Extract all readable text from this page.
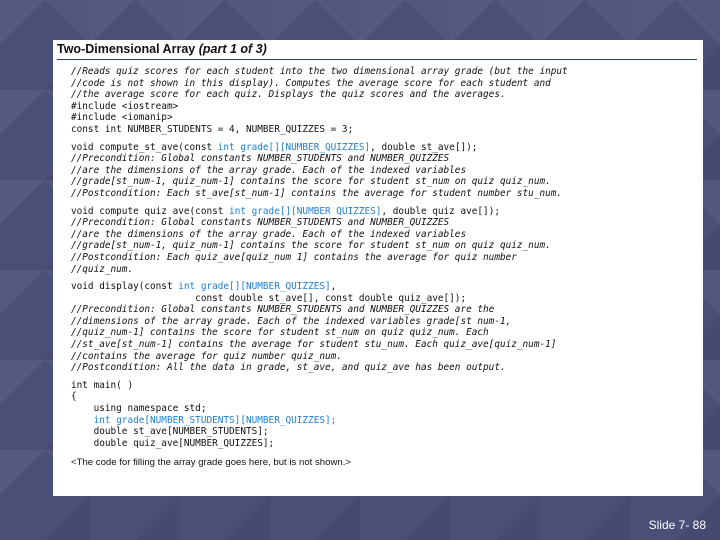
Two-Dimensional Array (part 1 of 3)
//Reads quiz scores for each student into the two dimensional array grade (but the input
//code is not shown in this display). Computes the average score for each student and
//the average score for each quiz. Displays the quiz scores and the averages.
#include <iostream>
#include <iomanip>
const int NUMBER_STUDENTS = 4, NUMBER_QUIZZES = 3;
void compute_st_ave(const int grade[][NUMBER_QUIZZES], double st_ave[]);
//Precondition: Global constants NUMBER_STUDENTS and NUMBER_QUIZZES
//are the dimensions of the array grade. Each of the indexed variables
//grade[st_num-1, quiz_num-1] contains the score for student st_num on quiz quiz_num.
//Postcondition: Each st_ave[st_num-1] contains the average for student number stu_num.
void compute quiz ave(const int grade[][NUMBER QUIZZES], double quiz ave[]);
//Precondition: Global constants NUMBER_STUDENTS and NUMBER_QUIZZES
//are the dimensions of the array grade. Each of the indexed variables
//grade[st_num-1, quiz_num-1] contains the score for student st_num on quiz quiz_num.
//Postcondition: Each quiz_ave[quiz_num 1] contains the average for quiz number
//quiz_num.
void display(const int grade[][NUMBER_QUIZZES],
const double st_ave[], const double quiz_ave[]);
//Precondition: Global constants NUMBER_STUDENTS and NUMBER_QUIZZES are the
//dimensions of the array grade. Each of the indexed variables grade[st num-1,
//quiz_num-1] contains the score for student st_num on quiz quiz_num. Each
//st_ave[st_num-1] contains the average for student stu_num. Each quiz_ave[quiz_num-1]
//contains the average for quiz number quiz_num.
//Postcondition: All the data in grade, st_ave, and quiz_ave has been output.
int main( )
{
using namespace std;
int grade[NUMBER_STUDENTS][NUMBER_QUIZZES];
double st_ave[NUMBER_STUDENTS];
double quiz_ave[NUMBER_QUIZZES];
<The code for filling the array grade goes here, but is not shown.>
Slide 7- 88
